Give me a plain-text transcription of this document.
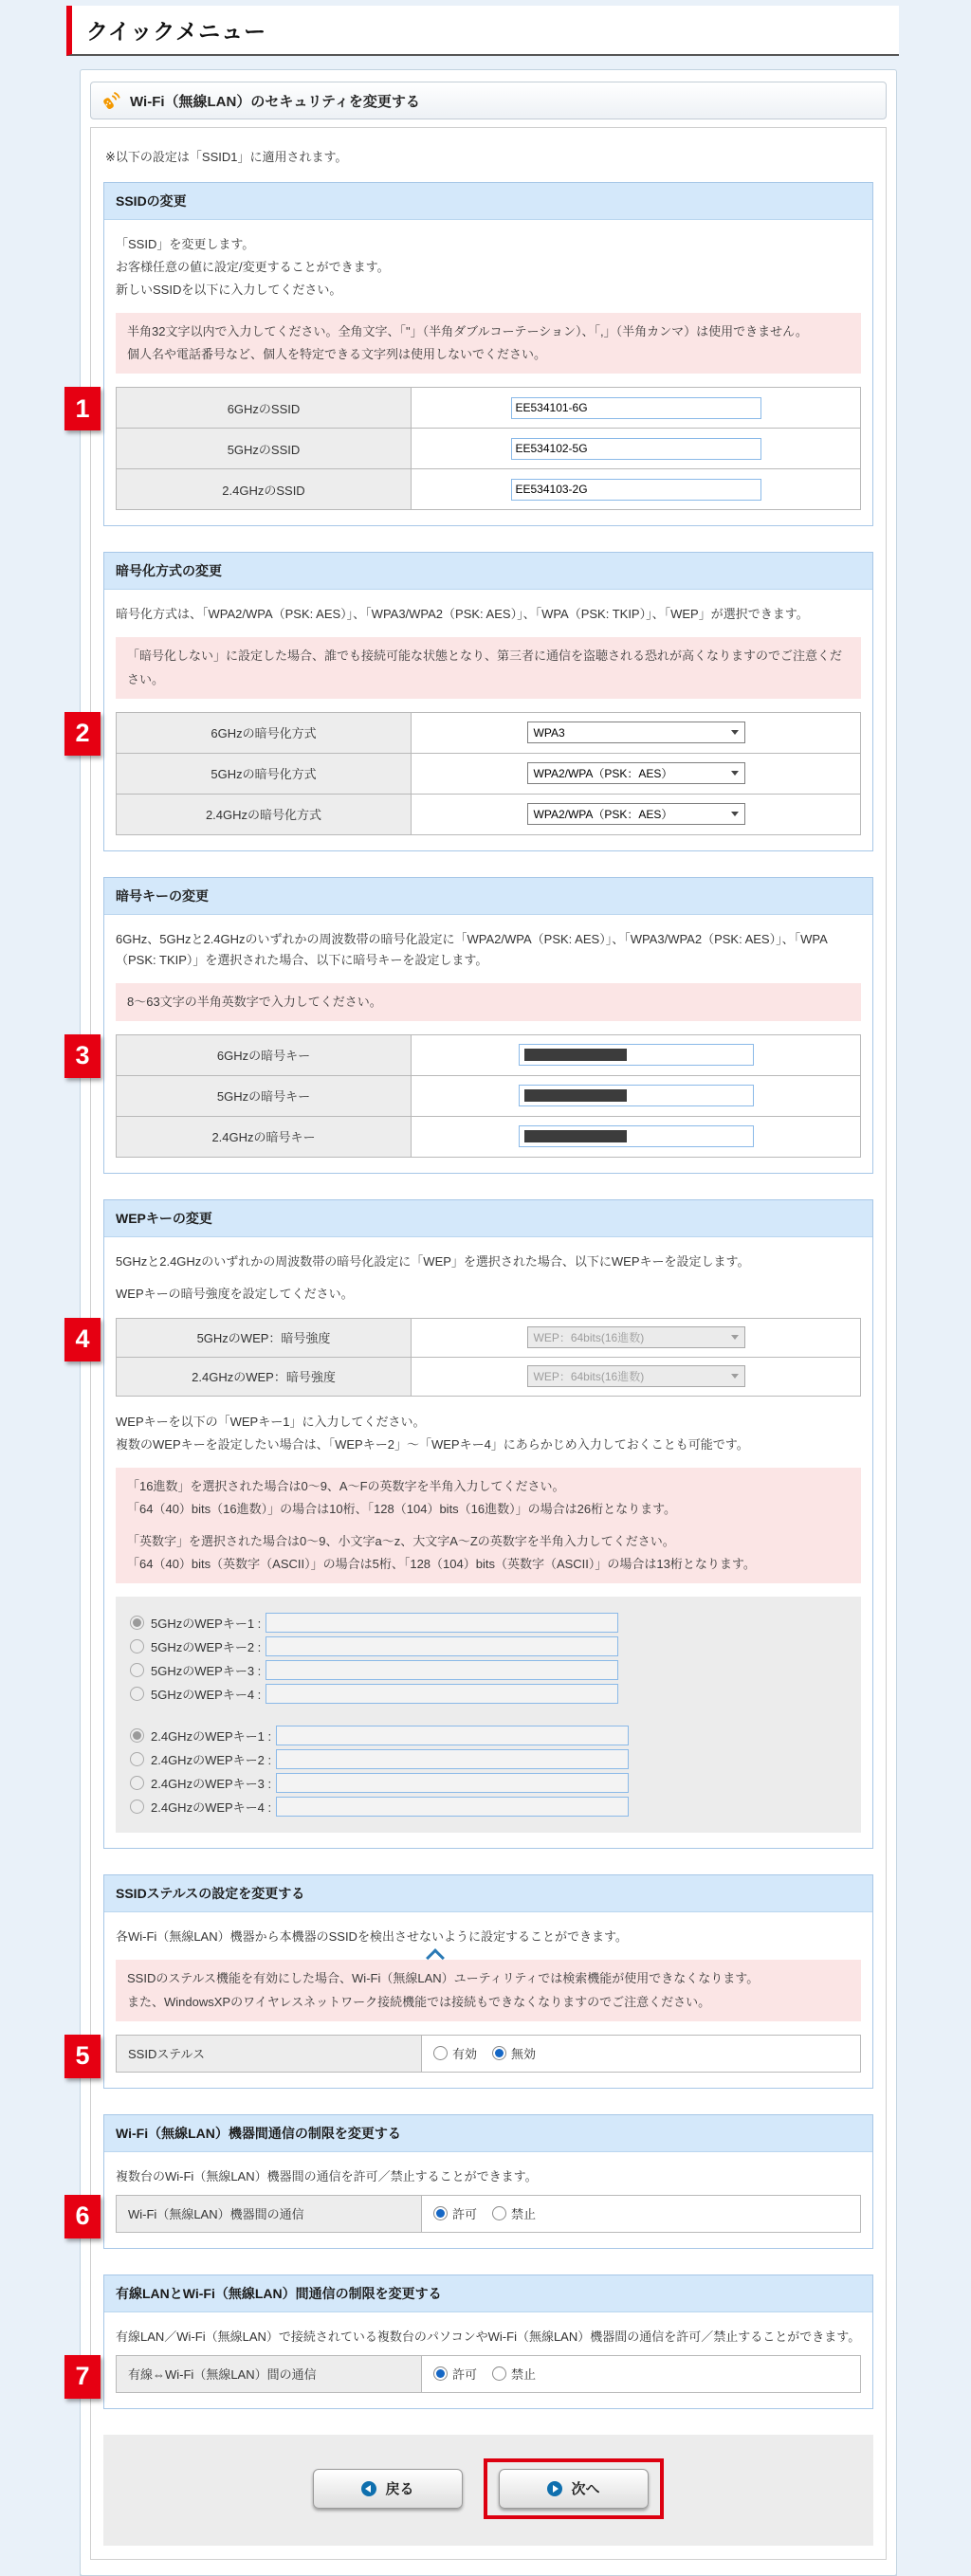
クイックメニュー
Wi-Fi（無線LAN）のセキュリティを変更する
※以下の設定は「SSID1」に適用されます。
SSIDの変更
「SSID」を変更します。
お客様任意の値に設定/変更することができます。
新しいSSIDを以下に入力してください。
半角32文字以内で入力してください。全角文字、「"」（半角ダブルコーテーション）、「,」（半角カンマ）は使用できません。
個人名や電話番号など、個人を特定できる文字列は使用しないでください。
1	6GHzのSSID	EE534101-6G
5GHzのSSID	EE534102-5G
2.4GHzのSSID	EE534103-2G
暗号化方式の変更
暗号化方式は、「WPA2/WPA（PSK: AES）」、「WPA3/WPA2（PSK: AES）」、「WPA（PSK: TKIP）」、「WEP」が選択できます。
「暗号化しない」に設定した場合、誰でも接続可能な状態となり、第三者に通信を盗聴される恐れが高くなりますのでご注意ください。
2	6GHzの暗号化方式	WPA3

5GHzの暗号化方式	WPA2/WPA（PSK：AES）

2.4GHzの暗号化方式	WPA2/WPA（PSK：AES）
暗号キーの変更
6GHz、5GHzと2.4GHzのいずれかの周波数帯の暗号化設定に「WPA2/WPA（PSK: AES）」、「WPA3/WPA2（PSK: AES）」、「WPA（PSK: TKIP）」を選択された場合、以下に暗号キーを設定します。
8～63文字の半角英数字で入力してください。
3	6GHzの暗号キー	

5GHzの暗号キー	

2.4GHzの暗号キー	
WEPキーの変更
5GHzと2.4GHzのいずれかの周波数帯の暗号化設定に「WEP」を選択された場合、以下にWEPキーを設定します。
WEPキーの暗号強度を設定してください。
4	5GHzのWEP：暗号強度	WEP：64bits(16進数)

2.4GHzのWEP：暗号強度	WEP：64bits(16進数)
WEPキーを以下の「WEPキー1」に入力してください。
複数のWEPキーを設定したい場合は、「WEPキー2」～「WEPキー4」にあらかじめ入力しておくことも可能です。
「16進数」を選択された場合は0～9、A～Fの英数字を半角入力してください。
「64（40）bits（16進数）」の場合は10桁、「128（104）bits（16進数）」の場合は26桁となります。
「英数字」を選択された場合は0～9、小文字a～z、大文字A～Zの英数字を半角入力してください。
「64（40）bits（英数字（ASCII）」の場合は5桁、「128（104）bits（英数字（ASCII）」の場合は13桁となります。
5GHzのWEPキー1 :
5GHzのWEPキー2 :
5GHzのWEPキー3 :
5GHzのWEPキー4 :
2.4GHzのWEPキー1 :
2.4GHzのWEPキー2 :
2.4GHzのWEPキー3 :
2.4GHzのWEPキー4 :
SSIDステルスの設定を変更する
各Wi-Fi（無線LAN）機器から本機器のSSIDを検出させないように設定することができます。
SSIDのステルス機能を有効にした場合、Wi-Fi（無線LAN）ユーティリティでは検索機能が使用できなくなります。
また、WindowsXPのワイヤレスネットワーク接続機能では接続もできなくなりますのでご注意ください。
5	SSIDステルス	有効	無効
Wi-Fi（無線LAN）機器間通信の制限を変更する
複数台のWi-Fi（無線LAN）機器間の通信を許可／禁止することができます。
6	Wi-Fi（無線LAN）機器間の通信	許可	禁止
有線LANとWi-Fi（無線LAN）間通信の制限を変更する
有線LAN／Wi-Fi（無線LAN）で接続されている複数台のパソコンやWi-Fi（無線LAN）機器間の通信を許可／禁止することができます。
7	有線⇔Wi-Fi（無線LAN）間の通信	許可	禁止
戻る	次へ
